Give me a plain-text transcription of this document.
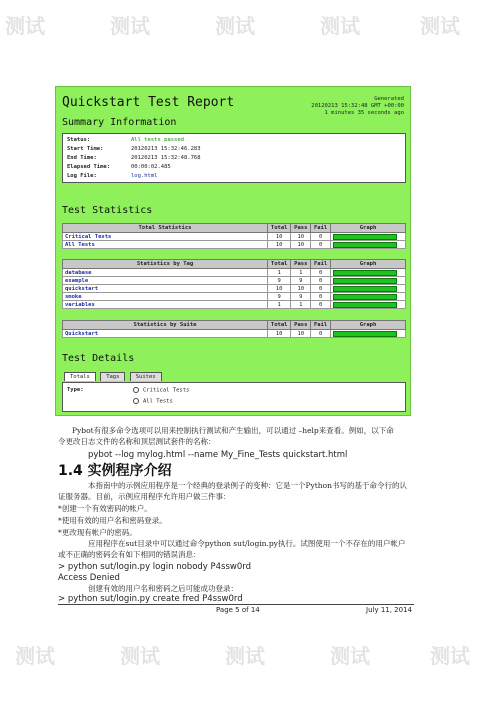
测试	测试	测试	测试	测试
测试	测试	测试	测试	测试
Quickstart Test Report	Generated
20120213 15:32:48 GMT +00:00
1 minutes 35 seconds ago
Summary Information
Status:	All tests passed
Start Time:	20120213 15:32:46.283
End Time:	20120213 15:32:48.768
Elapsed Time:	00:00:02.485
Log File:	log.html
Test Statistics
Total Statistics	Total	Pass	Fail	Graph
Critical Tests	10	10	0	

All Tests	10	10	0	
Statistics by Tag	Total	Pass	Fail	Graph
database	1	1	0	

example	9	9	0	

quickstart	10	10	0	

smoke	9	9	0	

variables	1	1	0	
Statistics by Suite	Total	Pass	Fail	Graph
Quickstart	10	10	0	
Test Details
Totals	Tags	Suites
Type:	Critical Tests
All Tests
Pybot有很多命令选项可以用来控制执行测试和产生输出，可以通过 –help来查看。例如，以下命
令更改日志文件的名称和顶层测试套件的名称：
pybot --log mylog.html --name My_Fine_Tests quickstart.html
1.4 实例程序介绍
本指南中的示例应用程序是一个经典的登录例子的变种：它是一个Python书写的基于命令行的认
证服务器。目前，示例应用程序允许用户做三件事：
*创建一个有效密码的帐户。
*使用有效的用户名和密码登录。
*更改现有帐户的密码。
应用程序在sut目录中可以通过命令python sut/login.py执行。试图使用一个不存在的用户帐户
或不正确的密码会有如下相同的错误消息：
> python sut/login.py login nobody P4ssw0rd
Access Denied
创建有效的用户名和密码之后可能成功登录：
> python sut/login.py create fred P4ssw0rd
Page 5 of 14	July 11, 2014
